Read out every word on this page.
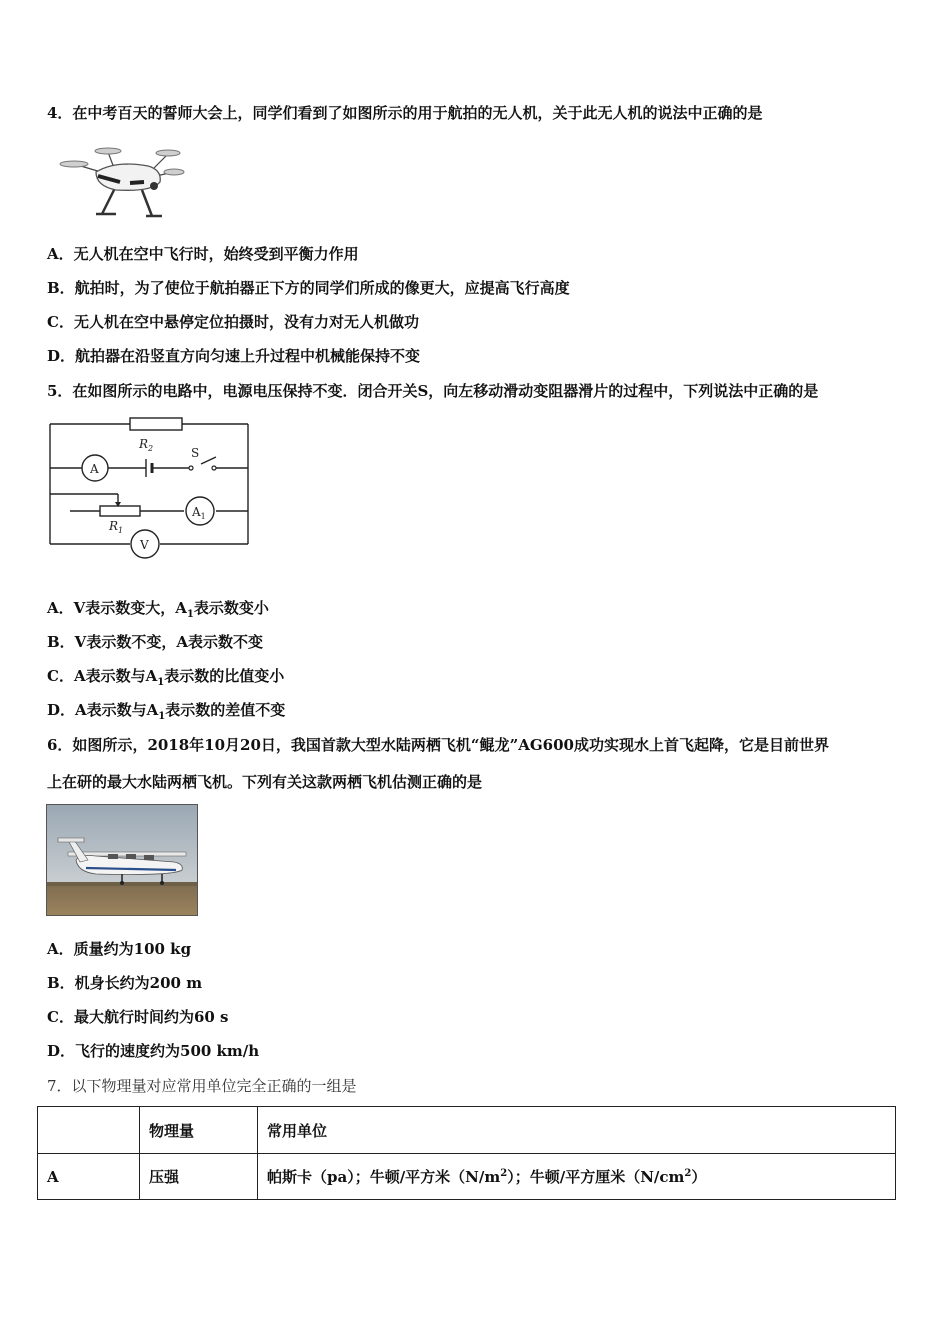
4．在中考百天的誓师大会上，同学们看到了如图所示的用于航拍的无人机，关于此无人机的说法中正确的是
A．无人机在空中飞行时，始终受到平衡力作用
B．航拍时，为了使位于航拍器正下方的同学们所成的像更大，应提高飞行高度
C．无人机在空中悬停定位拍摄时，没有力对无人机做功
D．航拍器在沿竖直方向匀速上升过程中机械能保持不变
5．在如图所示的电路中，电源电压保持不变．闭合开关S，向左移动滑动变阻器滑片的过程中，下列说法中正确的是
$R_2$	S
A
$A_1$
$R_1$
V
A．V表示数变大，$A_1$表示数变小
B．V表示数不变，A表示数不变
C．A表示数与$A_1$表示数的比值变小
D．A表示数与$A_1$表示数的差值不变
6．如图所示，2018年10月20日，我国首款大型水陆两栖飞机“鲲龙”AG600成功实现水上首飞起降，它是目前世界
上在研的最大水陆两栖飞机。下列有关这款两栖飞机估测正确的是
A．质量约为100 kg
B．机身长约为200 m
C．最大航行时间约为60 s
D．飞行的速度约为500 km/h
7．以下物理量对应常用单位完全正确的一组是
	物理量	常用单位
A	压强	帕斯卡（pa）；牛顿/平方米$(N/m^2)$；牛顿/平方厘米$(N/cm^2)$
